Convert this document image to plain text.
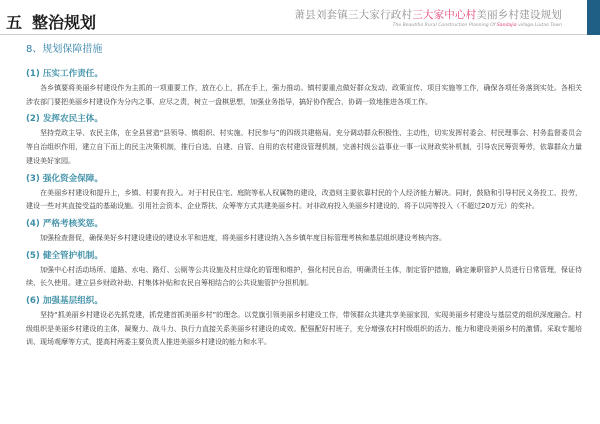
五 整治规划	萧县刘套镇三大家行政村三大家中心村美丽乡村建设规划
The Beautiful Rural Construction Planning Of Sandajia village,Liutao Town
8、规划保障措施
(1) 压实工作责任。
各乡镇要将美丽乡村建设作为主抓的一项重要工作，放在心上，抓在手上，强力推动。镇村要重点做好群众发动、政策宣传、项目实施等工作，确保各项任务落到实处。各相关涉农部门要把美丽乡村建设作为分内之事、应尽之责，树立一盘棋思想，加强业务指导，搞好协作配合，协调一致地推进各项工作。
(2) 发挥农民主体。
坚持党政主导、农民主体，在全县营造“县领导、镇组织、村实施、村民参与”的四级共建格局。充分调动群众积极性、主动性，切实发挥村委会、村民理事会、村务监督委员会等自治组织作用，建立自下而上的民主决策机制，推行自选、自建、自管、自用的农村建设管理机制，完善村级公益事业一事一议财政奖补机制，引导农民筹资筹劳，依靠群众力量建设美好家园。
(3) 强化资金保障。
在美丽乡村建设和提升上，乡镇、村要有投入。对于村民住宅、庭院等私人权属物的建设，改造则主要依靠村民的个人经济能力解决。同时，鼓励和引导村民义务投工、投劳，建设一些对其直接受益的基础设施。引用社会资本、企业帮扶、众筹等方式共建美丽乡村。对非政府投入美丽乡村建设的，将予以同等投入（不超过20万元）的奖补。
(4) 严格考核奖惩。
加强检查督促，确保美好乡村建设建设的建设水平和进度，将美丽乡村建设纳入各乡镇年度目标管理考核和基层组织建设考核内容。
(5) 健全管护机制。
加强中心村活动场所、道路、水电、路灯、公厕等公共设施及村庄绿化的管理和维护，强化村民自治，明确责任主体，制定管护措施，确定兼职管护人员进行日常管理，保证待续、长久使用。建立县乡财政补助、村集体补贴和农民自筹相结合的公共设施管护分担机制。
(6) 加强基层组织。
坚持“抓美丽乡村建设必先抓党建，抓党建首抓美丽乡村”的理念。以党旗引领美丽乡村建设工作，带领群众共建共享美丽家园，实现美丽乡村建设与基层党的组织深度融合。村级组织是美丽乡村建设的主体，凝聚力、战斗力、执行力直接关系美丽乡村建设的成效。配强配好村班子，充分增强农村村级组织的活力、能力和建设美丽乡村的激情。采取专题培训、现场观摩等方式，提高村两委主要负责人推进美丽乡村建设的能力和水平。
